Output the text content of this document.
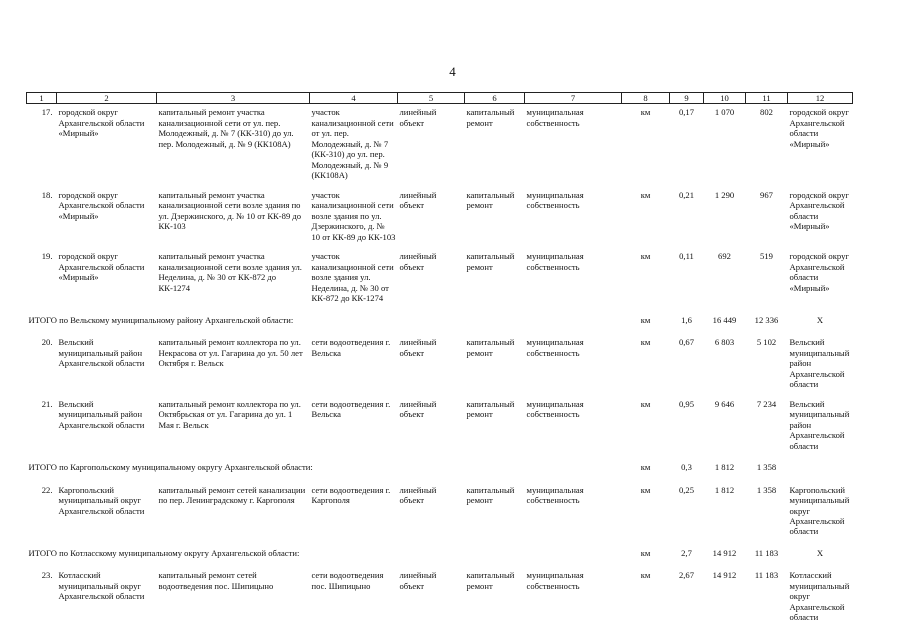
4
1	2	3	4	5	6	7	8	9	10	11	12
17.	городской округ Архангельской области «Мирный»	капитальный ремонт участка канализационной сети от ул. пер. Молодежный, д. № 7 (КК-310) до ул. пер. Молодежный, д. № 9 (КК108А)	участок канализационной сети от ул. пер. Молодежный, д. № 7 (КК-310) до ул. пер. Молодежный, д. № 9 (КК108А)	линейный объект	капитальный ремонт	муниципальная собственность	км	0,17	1 070	802	городской округ Архангельской области «Мирный»
18.	городской округ Архангельской области «Мирный»	капитальный ремонт участка канализационной сети возле здания по ул. Дзержинского, д. № 10 от КК-89 до КК-103	участок канализационной сети возле здания по ул. Дзержинского, д. № 10 от КК-89 до КК-103	линейный объект	капитальный ремонт	муниципальная собственность	км	0,21	1 290	967	городской округ Архангельской области «Мирный»
19.	городской округ Архангельской области «Мирный»	капитальный ремонт участка канализационной сети возле здания ул. Неделина, д. № 30 от КК-872 до КК-1274	участок канализационной сети возле здания ул. Неделина, д. № 30 от КК-872 до КК-1274	линейный объект	капитальный ремонт	муниципальная собственность	км	0,11	692	519	городской округ Архангельской области «Мирный»
ИТОГО по Вельскому муниципальному району Архангельской области:							км	1,6	16 449	12 336	Х
20.	Вельский муниципальный район Архангельской области	капитальный ремонт коллектора по ул. Некрасова от ул. Гагарина до ул. 50 лет Октября г. Вельск	сети водоотведения г. Вельска	линейный объект	капитальный ремонт	муниципальная собственность	км	0,67	6 803	5 102	Вельский муниципальный район Архангельской области
21.	Вельский муниципальный район Архангельской области	капитальный ремонт коллектора по ул. Октябрьская от ул. Гагарина до ул. 1 Мая г. Вельск	сети водоотведения г. Вельска	линейный объект	капитальный ремонт	муниципальная собственность	км	0,95	9 646	7 234	Вельский муниципальный район Архангельской области
ИТОГО по Каргопольскому муниципальному округу Архангельской области:							км	0,3	1 812	1 358	
22.	Каргопольский муниципальный округ Архангельской области	капитальный ремонт сетей канализации по пер. Ленинградскому г. Каргополя	сети водоотведения г. Каргополя	линейный объект	капитальный ремонт	муниципальная собственность	км	0,25	1 812	1 358	Каргопольский муниципальный округ Архангельской области
ИТОГО по Котласскому муниципальному округу Архангельской области:							км	2,7	14 912	11 183	Х
23.	Котласский муниципальный округ Архангельской области	капитальный ремонт сетей водоотведения пос. Шипицыно	сети водоотведения пос. Шипицыно	линейный объект	капитальный ремонт	муниципальная собственность	км	2,67	14 912	11 183	Котласский муниципальный округ Архангельской области
